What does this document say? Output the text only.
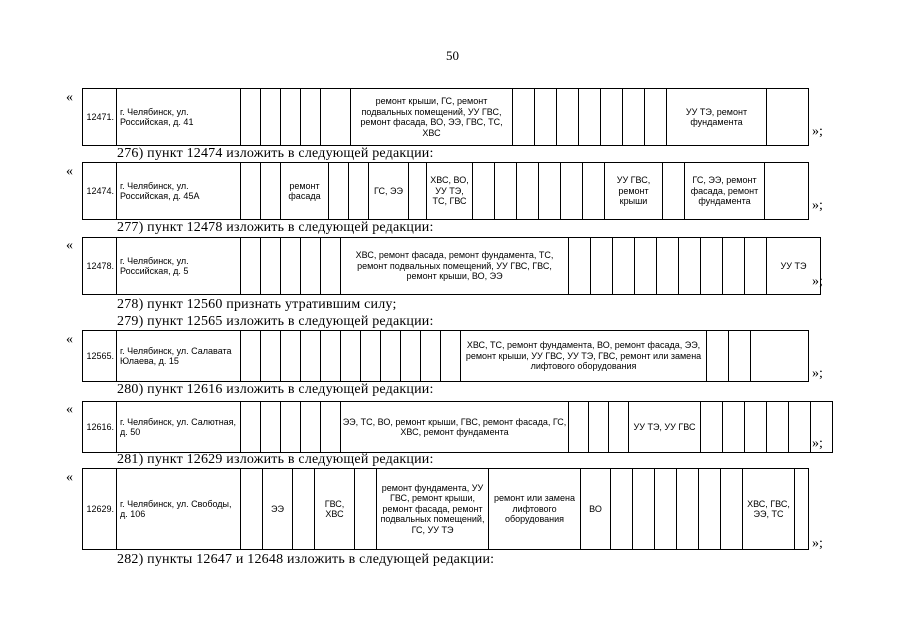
50
«
12471.	г. Челябинск, ул. Российская, д. 41						ремонт крыши, ГС, ремонт подвальных помещений, УУ ГВС, ремонт фасада, ВО, ЭЭ, ГВС, ТС, ХВС								УУ ТЭ, ремонт фундамента	
»;
276) пункт 12474 изложить в следующей редакции:
«
12474.	г. Челябинск, ул. Российская, д. 45А			ремонт фасада			ГС, ЭЭ		ХВС, ВО, УУ ТЭ, ТС, ГВС							УУ ГВС, ремонт крыши		ГС, ЭЭ, ремонт фасада, ремонт фундамента		»;
277) пункт 12478 изложить в следующей редакции:
«
12478.	г. Челябинск, ул. Российская, д. 5						ХВС, ремонт фасада, ремонт фундамента, ТС, ремонт подвальных помещений, УУ ГВС, ГВС, ремонт крыши, ВО, ЭЭ										УУ ТЭ	
»;
278) пункт 12560 признать утратившим силу;
279) пункт 12565 изложить в следующей редакции:
«
12565.	г. Челябинск, ул. Салавата Юлаева, д. 15												ХВС, ТС, ремонт фундамента, ВО, ремонт фасада, ЭЭ, ремонт крыши, УУ ГВС, УУ ТЭ, ГВС, ремонт или замена лифтового оборудования				»;
280) пункт 12616 изложить в следующей редакции:
«
12616.	г. Челябинск, ул. Салютная, д. 50						ЭЭ, ТС, ВО, ремонт крыши, ГВС, ремонт фасада, ГС, ХВС, ремонт фундамента				УУ ТЭ, УУ ГВС							
»;
281) пункт 12629 изложить в следующей редакции:
«
12629.	г. Челябинск, ул. Свободы, д. 106		ЭЭ		ГВС, ХВС		ремонт фундамента, УУ ГВС, ремонт крыши, ремонт фасада, ремонт подвальных помещений, ГС, УУ ТЭ	ремонт или замена лифтового оборудования	ВО							ХВС, ГВС, ЭЭ, ТС	
»;
282) пункты 12647 и 12648 изложить в следующей редакции:
